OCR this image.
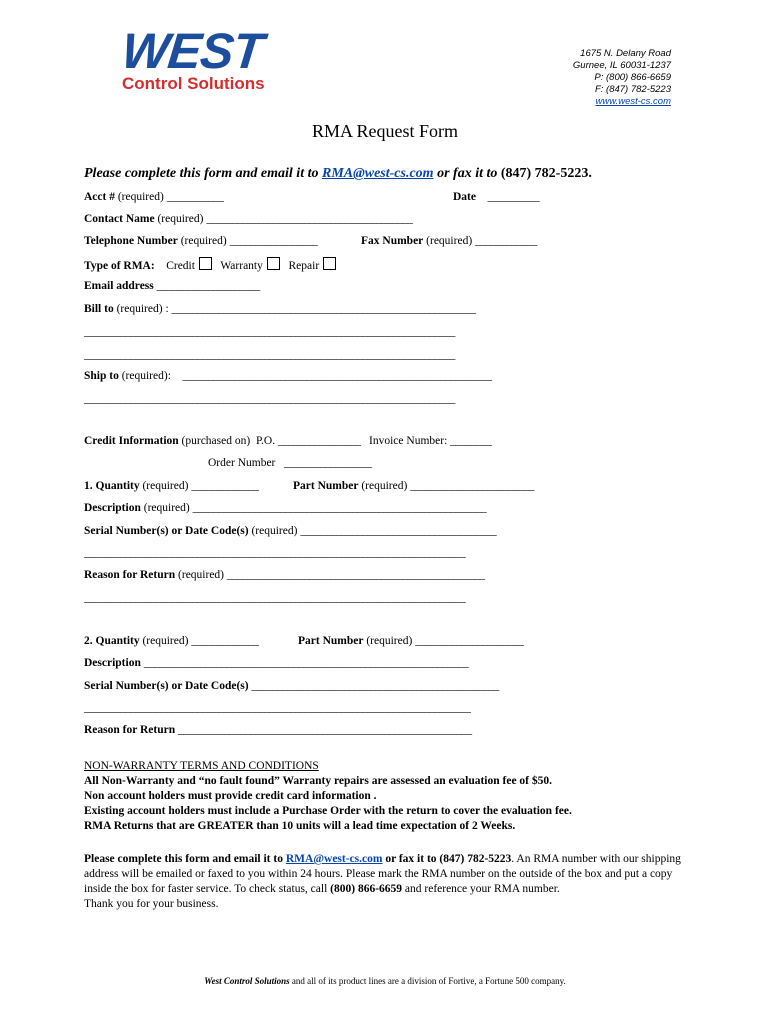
WEST
Control Solutions
1675 N. Delany Road
Gurnee, IL 60031-1237
P: (800) 866-6659
F: (847) 782-5223
www.west-cs.com
RMA Request Form
Please complete this form and email it to RMA@west-cs.com or fax it to (847) 782-5223.
Acct # (required) ___________	Date __________
Contact Name (required) ________________________________________
Telephone Number (required) _________________	Fax Number (required) ____________
Type of RMA: Credit Warranty Repair
Email address ____________________
Bill to (required) : ___________________________________________________________
________________________________________________________________________
________________________________________________________________________
Ship to (required): ____________________________________________________________
________________________________________________________________________
Credit Information (purchased on) P.O. ________________ Invoice Number: ________
Order Number _________________
1. Quantity (required) _____________	Part Number (required) ________________________
Description (required) _________________________________________________________
Serial Number(s) or Date Code(s) (required) ______________________________________
__________________________________________________________________________
Reason for Return (required) __________________________________________________
__________________________________________________________________________
2. Quantity (required) _____________	Part Number (required) _____________________
Description _______________________________________________________________
Serial Number(s) or Date Code(s) ________________________________________________
___________________________________________________________________________
Reason for Return _________________________________________________________
NON-WARRANTY TERMS AND CONDITIONS
All Non-Warranty and “no fault found” Warranty repairs are assessed an evaluation fee of $50.
Non account holders must provide credit card information .
Existing account holders must include a Purchase Order with the return to cover the evaluation fee.
RMA Returns that are GREATER than 10 units will a lead time expectation of 2 Weeks.
Please complete this form and email it to RMA@west-cs.com or fax it to (847) 782-5223. An RMA number with our shipping address will be emailed or faxed to you within 24 hours. Please mark the RMA number on the outside of the box and put a copy inside the box for faster service. To check status, call (800) 866-6659 and reference your RMA number.
Thank you for your business.
West Control Solutions and all of its product lines are a division of Fortive, a Fortune 500 company.
